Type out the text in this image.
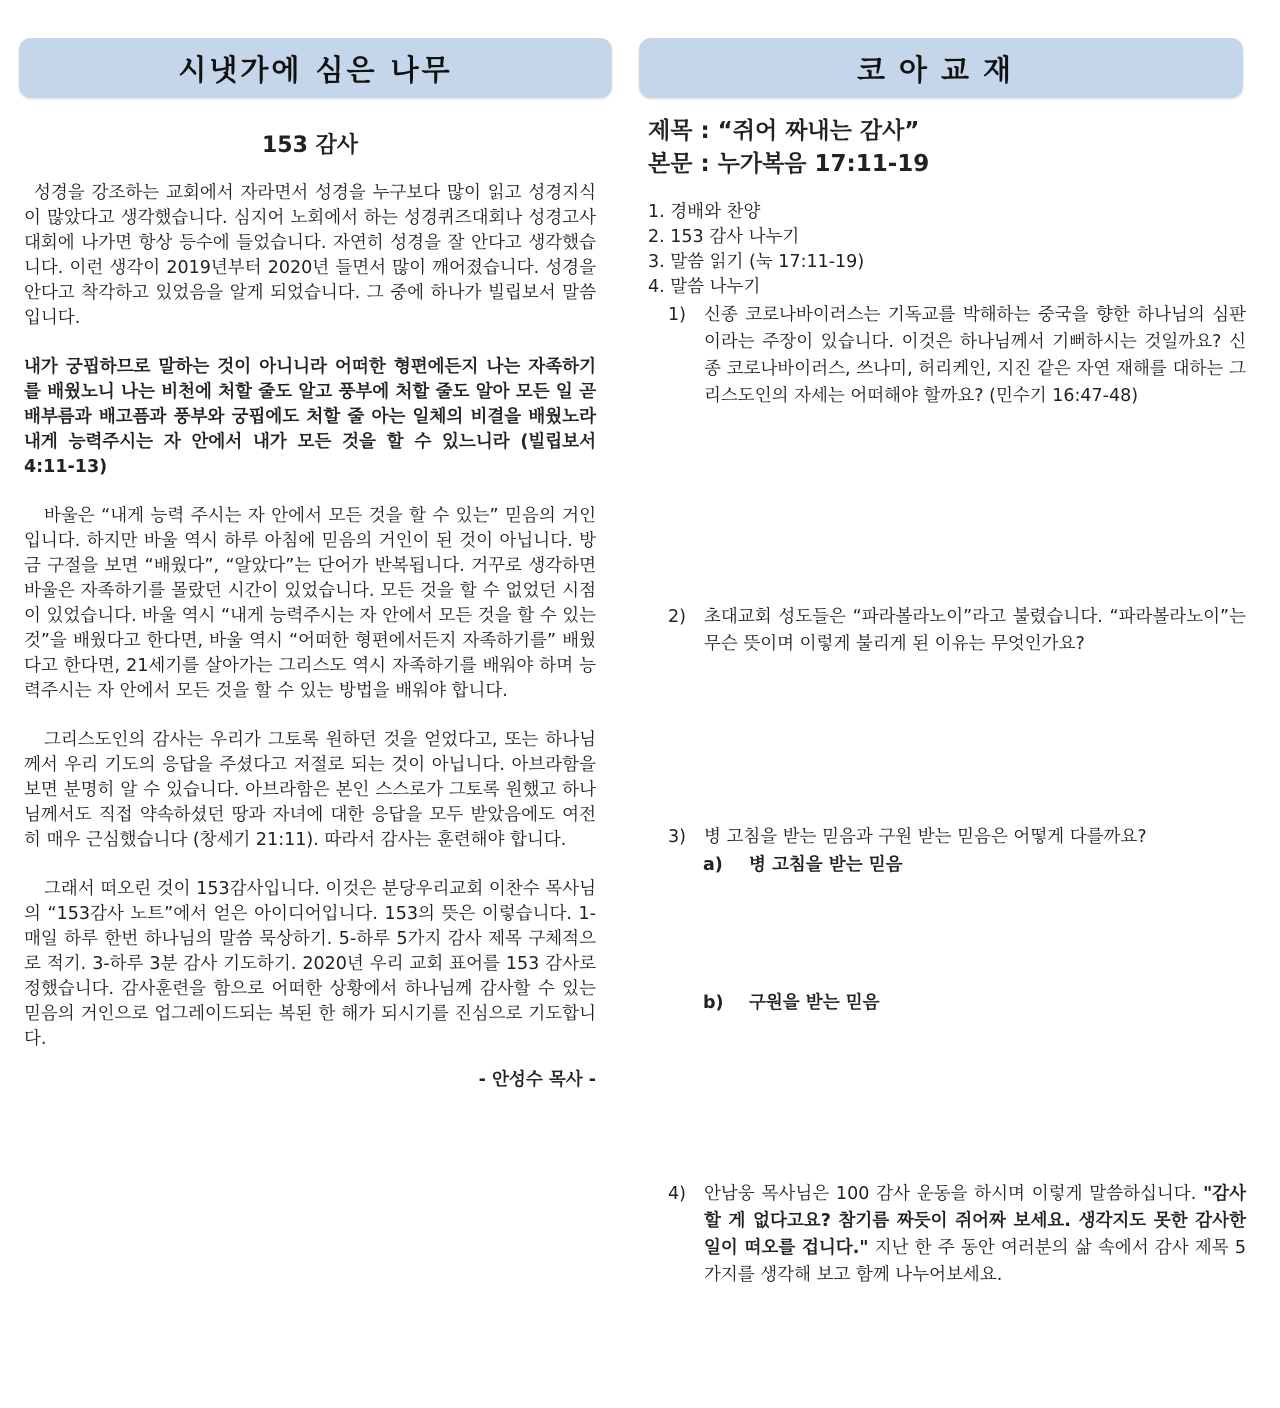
시냇가에 심은 나무	코아교재
153 감사
성경을 강조하는 교회에서 자라면서 성경을 누구보다 많이 읽고 성경지식이 많았다고 생각했습니다. 심지어 노회에서 하는 성경퀴즈대회나 성경고사대회에 나가면 항상 등수에 들었습니다. 자연히 성경을 잘 안다고 생각했습니다. 이런 생각이 2019년부터 2020년 들면서 많이 깨어졌습니다. 성경을 안다고 착각하고 있었음을 알게 되었습니다. 그 중에 하나가 빌립보서 말씀입니다.
내가 궁핍하므로 말하는 것이 아니니라 어떠한 형편에든지 나는 자족하기를 배웠노니 나는 비천에 처할 줄도 알고 풍부에 처할 줄도 알아 모든 일 곧 배부름과 배고픔과 풍부와 궁핍에도 처할 줄 아는 일체의 비결을 배웠노라 내게 능력주시는 자 안에서 내가 모든 것을 할 수 있느니라 (빌립보서 4:11-13)
바울은 “내게 능력 주시는 자 안에서 모든 것을 할 수 있는” 믿음의 거인입니다. 하지만 바울 역시 하루 아침에 믿음의 거인이 된 것이 아닙니다. 방금 구절을 보면 “배웠다”, “알았다”는 단어가 반복됩니다. 거꾸로 생각하면 바울은 자족하기를 몰랐던 시간이 있었습니다. 모든 것을 할 수 없었던 시점이 있었습니다. 바울 역시 “내게 능력주시는 자 안에서 모든 것을 할 수 있는 것”을 배웠다고 한다면, 바울 역시 “어떠한 형편에서든지 자족하기를” 배웠다고 한다면, 21세기를 살아가는 그리스도 역시 자족하기를 배워야 하며 능력주시는 자 안에서 모든 것을 할 수 있는 방법을 배워야 합니다.
그리스도인의 감사는 우리가 그토록 원하던 것을 얻었다고, 또는 하나님께서 우리 기도의 응답을 주셨다고 저절로 되는 것이 아닙니다. 아브라함을 보면 분명히 알 수 있습니다. 아브라함은 본인 스스로가 그토록 원했고 하나님께서도 직접 약속하셨던 땅과 자녀에 대한 응답을 모두 받았음에도 여전히 매우 근심했습니다 (창세기 21:11). 따라서 감사는 훈련해야 합니다.
그래서 떠오린 것이 153감사입니다. 이것은 분당우리교회 이찬수 목사님의 “153감사 노트”에서 얻은 아이디어입니다. 153의 뜻은 이렇습니다. 1-매일 하루 한번 하나님의 말씀 묵상하기. 5-하루 5가지 감사 제목 구체적으로 적기. 3-하루 3분 감사 기도하기. 2020년 우리 교회 표어를 153 감사로 정했습니다. 감사훈련을 함으로 어떠한 상황에서 하나님께 감사할 수 있는 믿음의 거인으로 업그레이드되는 복된 한 해가 되시기를 진심으로 기도합니다.
- 안성수 목사 -
제목 : “쥐어 짜내는 감사”
본문 : 누가복음 17:11-19
1. 경배와 찬양
2. 153 감사 나누기
3. 말씀 읽기 (눅 17:11-19)
4. 말씀 나누기
1) 신종 코로나바이러스는 기독교를 박해하는 중국을 향한 하나님의 심판이라는 주장이 있습니다. 이것은 하나님께서 기뻐하시는 것일까요? 신종 코로나바이러스, 쓰나미, 허리케인, 지진 같은 자연 재해를 대하는 그리스도인의 자세는 어떠해야 할까요? (민수기 16:47-48)
2) 초대교회 성도들은 “파라볼라노이”라고 불렸습니다. “파라볼라노이”는 무슨 뜻이며 이렇게 불리게 된 이유는 무엇인가요?
3) 병 고침을 받는 믿음과 구원 받는 믿음은 어떻게 다를까요?
a) 병 고침을 받는 믿음
b) 구원을 받는 믿음
4) 안남웅 목사님은 100 감사 운동을 하시며 이렇게 말씀하십니다. "감사할 게 없다고요? 참기름 짜듯이 쥐어짜 보세요. 생각지도 못한 감사한 일이 떠오를 겁니다." 지난 한 주 동안 여러분의 삶 속에서 감사 제목 5가지를 생각해 보고 함께 나누어보세요.
